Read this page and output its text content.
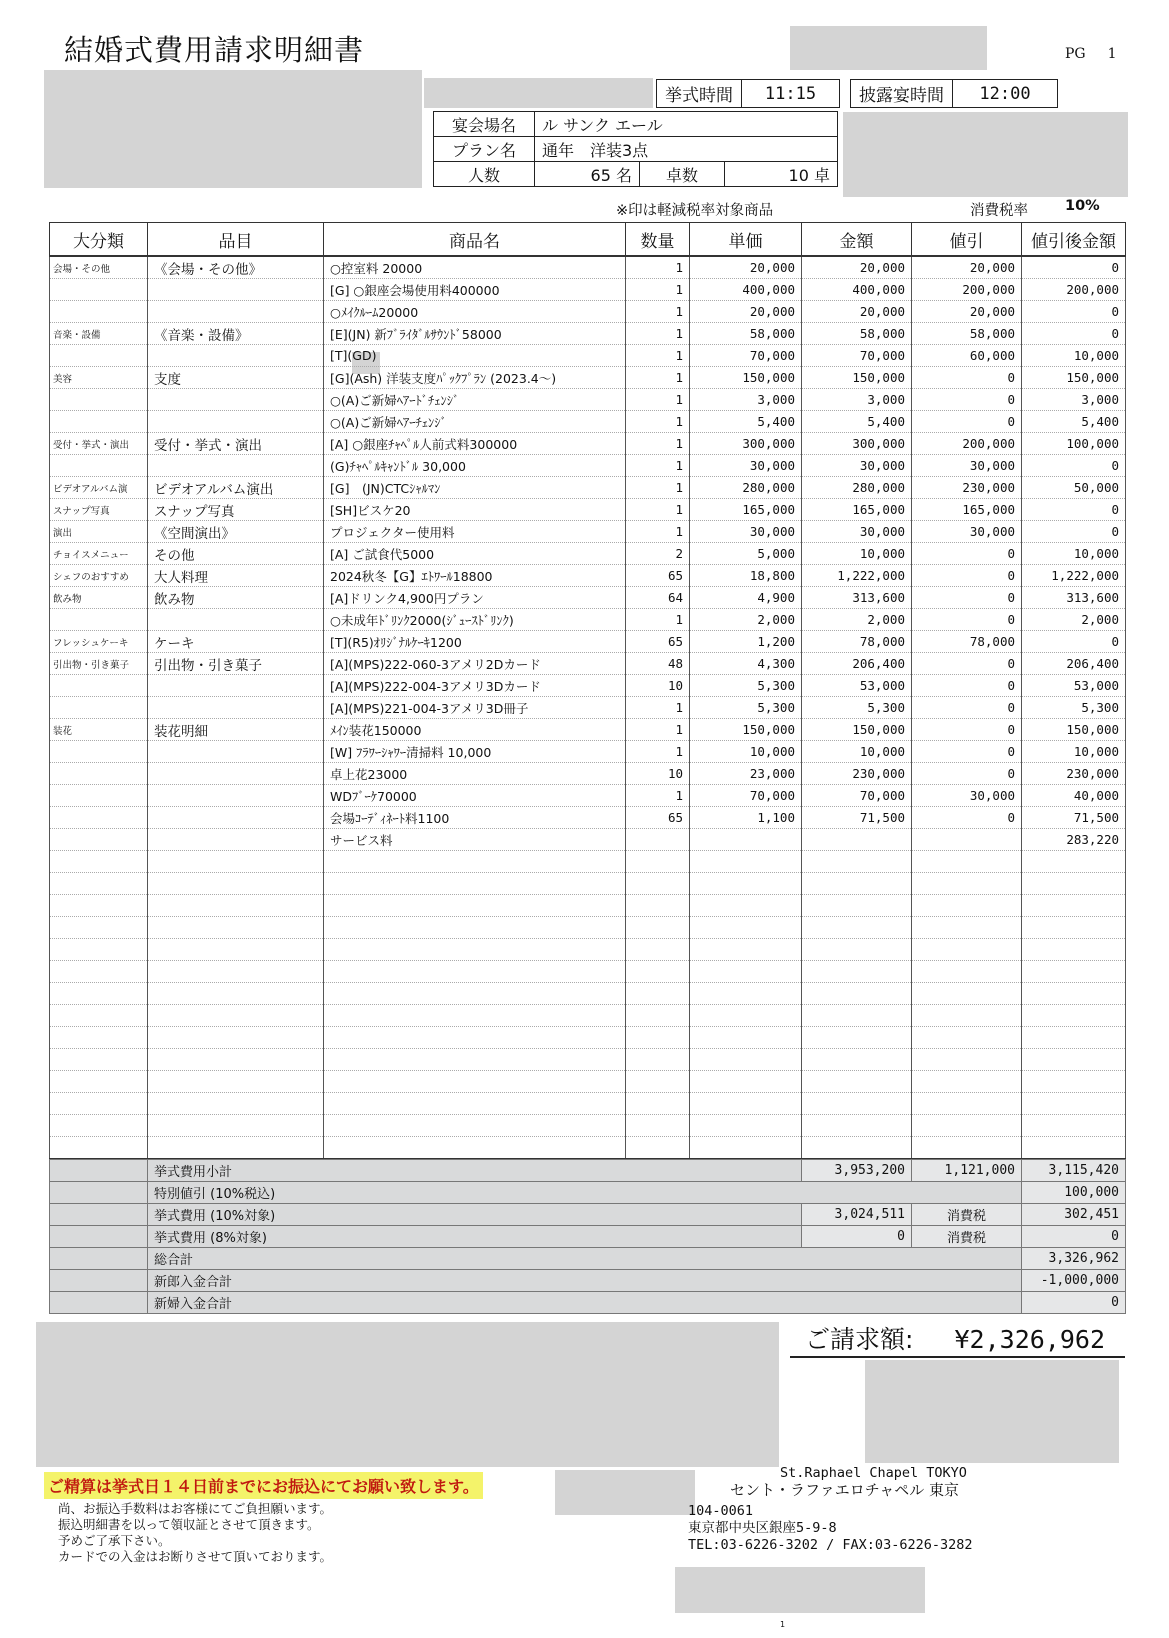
結婚式費用請求明細書	PG 1
挙式時間	11:15	披露宴時間	12:00
宴会場名	ル サンク エール		
プラン名	通年　洋装3点		
人数	65 名	卓数	10 卓
※印は軽減税率対象商品	消費税率	10%
大分類	品目	商品名	数量	単価	金額	値引	値引後金額
会場・その他	《会場・その他》	○控室料 20000	1	20,000	20,000	20,000	0
		[G] ○銀座会場使用料400000	1	400,000	400,000	200,000	200,000
		○ﾒｲｸﾙｰﾑ20000	1	20,000	20,000	20,000	0
音楽・設備	《音楽・設備》	[E](JN) 新ﾌﾞﾗｲﾀﾞﾙｻｳﾝﾄﾞ58000	1	58,000	58,000	58,000	0
		[T](GD)	1	70,000	70,000	60,000	10,000
美容	支度	[G](Ash) 洋装支度ﾊﾟｯｸﾌﾟﾗﾝ (2023.4～)	1	150,000	150,000	0	150,000
		○(A)ご新婦ﾍｱｰﾄﾞﾁｪﾝｼﾞ	1	3,000	3,000	0	3,000
		○(A)ご新婦ﾍｱｰﾁｪﾝｼﾞ	1	5,400	5,400	0	5,400
受付・挙式・演出	受付・挙式・演出	[A] ○銀座ﾁｬﾍﾟﾙ人前式料300000	1	300,000	300,000	200,000	100,000
		(G)ﾁｬﾍﾟﾙｷｬﾝﾄﾞﾙ 30,000	1	30,000	30,000	30,000	0
ビデオアルバム演	ビデオアルバム演出	[G]　(JN)CTCｼｬﾙﾏﾝ	1	280,000	280,000	230,000	50,000
スナップ写真	スナップ写真	[SH]ビスケ20	1	165,000	165,000	165,000	0
演出	《空間演出》	プロジェクター使用料	1	30,000	30,000	30,000	0
チョイスメニュー	その他	[A] ご試食代5000	2	5,000	10,000	0	10,000
シェフのおすすめ	大人料理	2024秋冬【G】ｴﾄﾜｰﾙ18800	65	18,800	1,222,000	0	1,222,000
飲み物	飲み物	[A]ドリンク4,900円プラン	64	4,900	313,600	0	313,600
		○未成年ﾄﾞﾘﾝｸ2000(ｼﾞｭｰｽﾄﾞﾘﾝｸ)	1	2,000	2,000	0	2,000
フレッシュケーキ	ケーキ	[T](R5)ｵﾘｼﾞﾅﾙｹｰｷ1200	65	1,200	78,000	78,000	0
引出物・引き菓子	引出物・引き菓子	[A](MPS)222-060-3アメリ2Dカード	48	4,300	206,400	0	206,400
		[A](MPS)222-004-3アメリ3Dカード	10	5,300	53,000	0	53,000
		[A](MPS)221-004-3アメリ3D冊子	1	5,300	5,300	0	5,300
装花	装花明細	ﾒｲﾝ装花150000	1	150,000	150,000	0	150,000
		[W] ﾌﾗﾜｰｼｬﾜｰ清掃料 10,000	1	10,000	10,000	0	10,000
		卓上花23000	10	23,000	230,000	0	230,000
		WDﾌﾞｰｹ70000	1	70,000	70,000	30,000	40,000
		会場ｺｰﾃﾞｨﾈｰﾄ料1100	65	1,100	71,500	0	71,500
		サービス料					283,220

	挙式費用小計	3,953,200	1,121,000	3,115,420
	特別値引 (10%税込)			100,000
	挙式費用 (10%対象)	3,024,511	消費税	302,451
	挙式費用 (8%対象)	0	消費税	0
	総合計			3,326,962
	新郎入金合計			-1,000,000
	新婦入金合計			0
ご請求額: ¥2,326,962
ご精算は挙式日１４日前までにお振込にてお願い致します。
尚、お振込手数料はお客様にてご負担願います。
振込明細書を以って領収証とさせて頂きます。
予めご了承下さい。
カードでの入金はお断りさせて頂いております。
St.Raphael Chapel TOKYO
セント・ラファエロチャペル 東京
104-0061
東京都中央区銀座5-9-8
TEL:03-6226-3202 / FAX:03-6226-3282
1
